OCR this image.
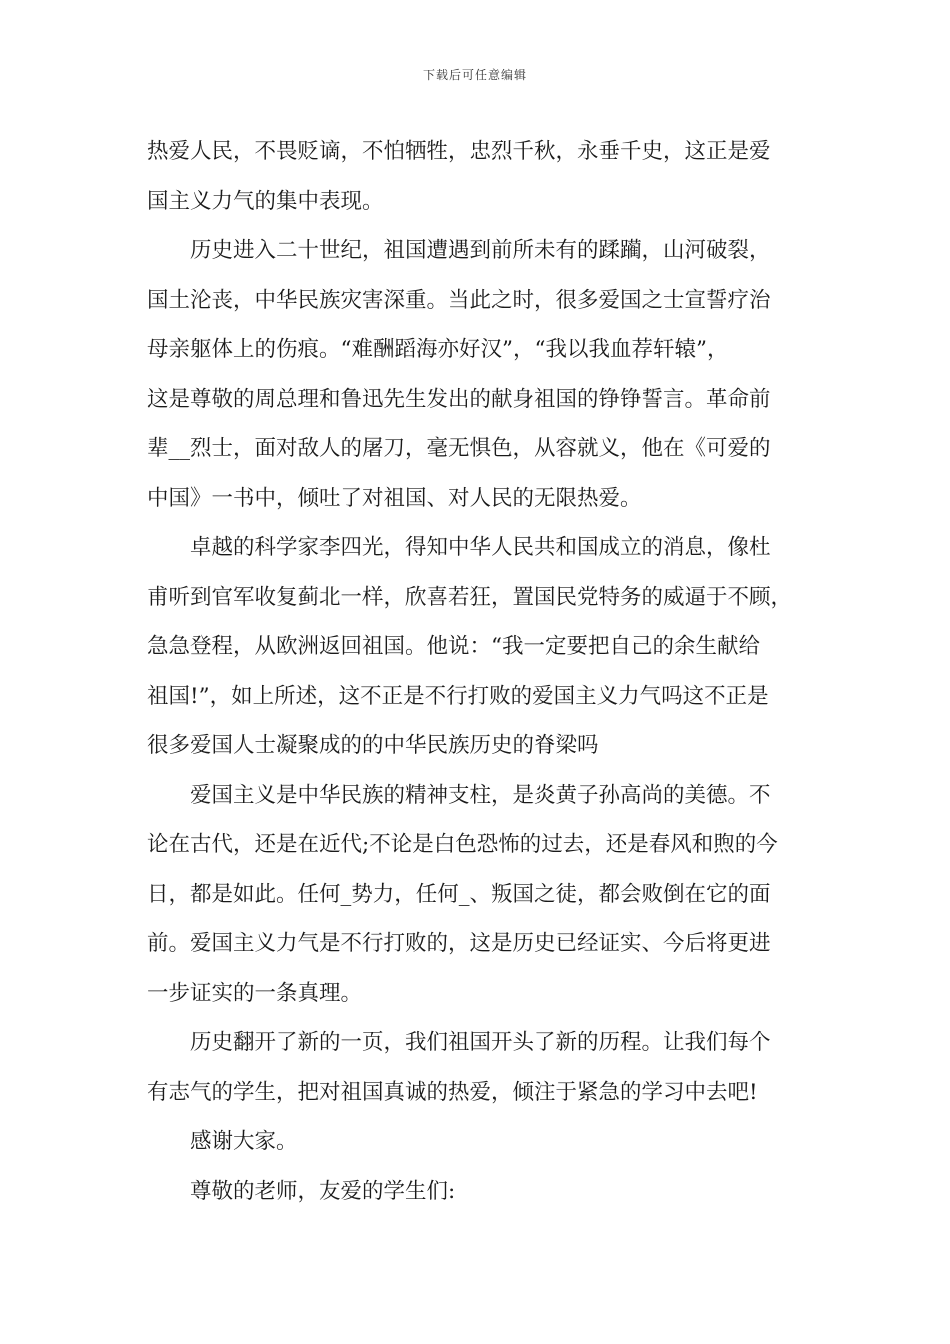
下载后可任意编辑

热爱人民，不畏贬谪，不怕牺牲，忠烈千秋，永垂千史，这正是爱
国主义力气的集中表现。

历史进入二十世纪，祖国遭遇到前所未有的蹂躏，山河破裂，
国土沦丧，中华民族灾害深重。当此之时，很多爱国之士宣誓疗治
母亲躯体上的伤痕。“难酬蹈海亦好汉”，“我以我血荐轩辕”，
这是尊敬的周总理和鲁迅先生发出的献身祖国的铮铮誓言。革命前
辈__烈士，面对敌人的屠刀，毫无惧色，从容就义，他在《可爱的
中国》一书中，倾吐了对祖国、对人民的无限热爱。

卓越的科学家李四光，得知中华人民共和国成立的消息，像杜
甫听到官军收复蓟北一样，欣喜若狂，置国民党特务的威逼于不顾，
急急登程，从欧洲返回祖国。他说：“我一定要把自己的余生献给
祖国!”，如上所述，这不正是不行打败的爱国主义力气吗这不正是
很多爱国人士凝聚成的的中华民族历史的脊梁吗

爱国主义是中华民族的精神支柱，是炎黄子孙高尚的美德。不
论在古代，还是在近代;不论是白色恐怖的过去，还是春风和煦的今
日，都是如此。任何_势力，任何_、叛国之徒，都会败倒在它的面
前。爱国主义力气是不行打败的，这是历史已经证实、今后将更进
一步证实的一条真理。

历史翻开了新的一页，我们祖国开头了新的历程。让我们每个
有志气的学生，把对祖国真诚的热爱，倾注于紧急的学习中去吧!

感谢大家。

尊敬的老师，友爱的学生们:
